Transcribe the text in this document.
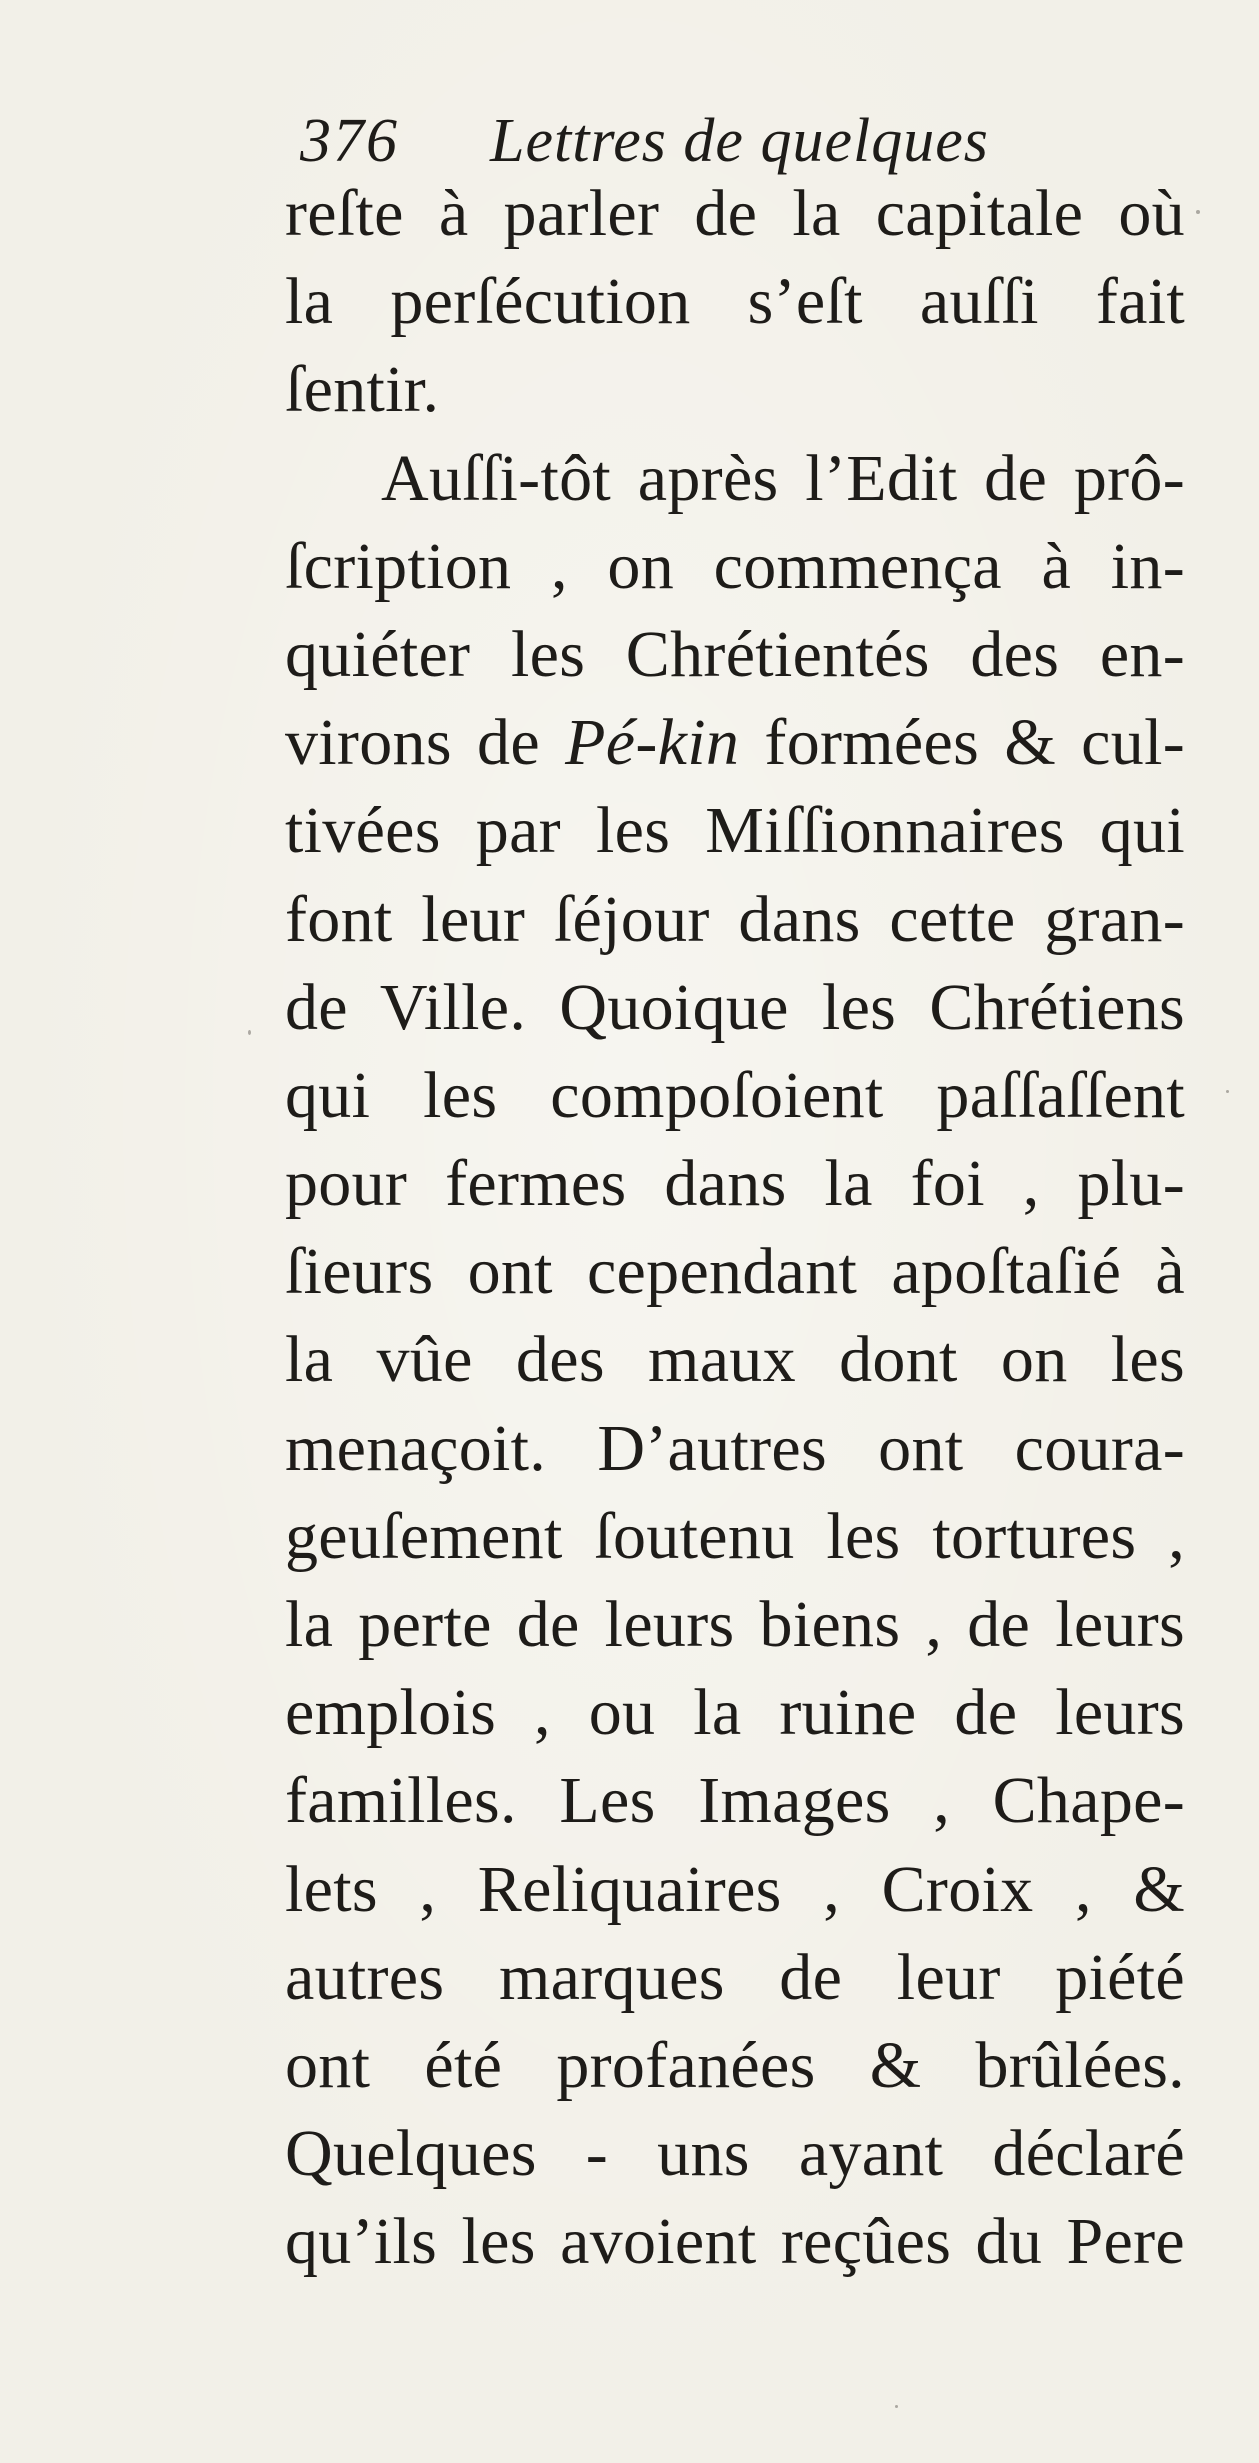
376 Lettres de quelques
reſte à parler de la capitale où
la perſécution s’eſt auſſi fait
ſentir.
Auſſi-tôt après l’Edit de prô-
ſcription , on commença à in-
quiéter les Chrétientés des en-
virons de Pé-kin formées & cul-
tivées par les Miſſionnaires qui
font leur ſéjour dans cette gran-
de Ville. Quoique les Chrétiens
qui les compoſoient paſſaſſent
pour fermes dans la foi , plu-
ſieurs ont cependant apoſtaſié à
la vûe des maux dont on les
menaçoit. D’autres ont coura-
geuſement ſoutenu les tortures ,
la perte de leurs biens , de leurs
emplois , ou la ruine de leurs
familles. Les Images , Chape-
lets , Reliquaires , Croix , &
autres marques de leur piété
ont été profanées & brûlées.
Quelques - uns ayant déclaré
qu’ils les avoient reçûes du Pere
